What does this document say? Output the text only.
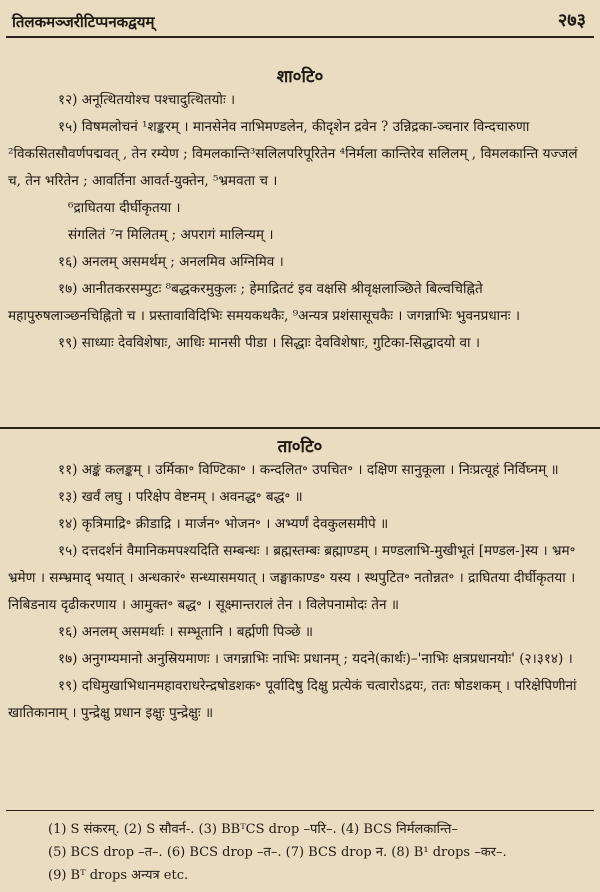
तिलकमञ्जरीटिप्पनकद्वयम्	२७३

शा०टि०

१२) अनूत्थितयोश्च पश्चादुत्थितयोः ।

१५) विषमलोचनं ¹शङ्करम् । मानसेनेव नाभिमण्डलेन, कीदृशेन द्रवेन ? उन्निद्रका-ञ्चनार विन्दचारुणा ²विकसितसौवर्णपद्मवत् , तेन रम्येण ; विमलकान्ति³सलिलपरिपूरितेन ⁴निर्मला कान्तिरेव सलिलम् , विमलकान्ति यज्जलं च, तेन भरितेन ; आवर्तिना आवर्त-युक्तेन, ⁵भ्रमवता च ।

⁶द्राघितया दीर्घीकृतया ।

संगलितं ⁷न मिलितम् ; अपरागं मालिन्यम् ।

१६) अनलम् असमर्थम् ; अनलमिव अग्निमिव ।

१७) आनीतकरसम्पुटः ⁸बद्धकरमुकुलः ; हेमाद्रितटं इव वक्षसि श्रीवृक्षलाञ्छिते बिल्वचिह्निते महापुरुषलाञ्छनचिह्नितो च । प्रस्तावाविदिभिः समयकथकैः, ⁹अन्यत्र प्रशंसासूचकैः । जगन्नाभिः भुवनप्रधानः ।

१९) साध्याः देवविशेषाः, आधिः मानसी पीडा । सिद्धाः देवविशेषाः, गुटिका-सिद्धादयो वा ।

ता०टि०

११) अङ्कं कलङ्कम् । उर्मिका॰ विण्टिका॰ । कन्दलित॰ उपचित॰ । दक्षिण सानुकूला । निःप्रत्यूहं निर्विघ्नम् ॥

१३) खर्वं लघु । परिक्षेप वेष्टनम् । अवनद्ध॰ बद्ध॰ ॥

१४) कृत्रिमाद्रि॰ क्रीडाद्रि । मार्जन॰ भोजन॰ । अभ्यर्णं देवकुलसमीपे ॥

१५) दत्तदर्शनं वैमानिकमपश्यदिति सम्बन्धः । ब्रह्मस्तम्बः ब्रह्माण्डम् । मण्डलाभि-मुखीभूतं [मण्डल-]स्य । भ्रम॰ भ्रमेण । सम्भ्रमाद् भयात् । अन्धकारं॰ सन्ध्यासमयात् । जङ्घाकाण्ड॰ यस्य । स्थपुटित॰ नतोन्नत॰ । द्राघितया दीर्घीकृतया । निबिडनाय दृढीकरणाय । आमुक्त॰ बद्ध॰ । सूक्ष्मान्तरालं तेन । विलेपनामोदः तेन ॥

१६) अनलम् असमर्थाः । सम्भूतानि । बर्ह्मणी पिञ्छे ॥

१७) अनुगम्यमानो अनुस्रियमाणः । जगन्नाभिः नाभिः प्रधानम् ; यदने(कार्थः)–'नाभिः क्षत्रप्रधानयोः' (२।३१४) ।

१९) दधिमुखाभिधानमहावराधरेन्द्रषोडशक॰ पूर्वादिषु दिक्षु प्रत्येकं चत्वारोऽद्रयः, ततः षोडशकम् । परिक्षेपिणीनां खातिकानाम् । पुन्द्रेक्षु प्रधान इक्षुः पुन्द्रेक्षुः ॥

(1) S संकरम्. (2) S सौवर्न-. (3) BBᵀCS drop –परि–. (4) BCS निर्मलकान्ति–

(5) BCS drop –त–. (6) BCS drop –त–. (7) BCS drop न. (8) B¹ drops –कर–.

(9) Bᵀ drops अन्यत्र etc.
